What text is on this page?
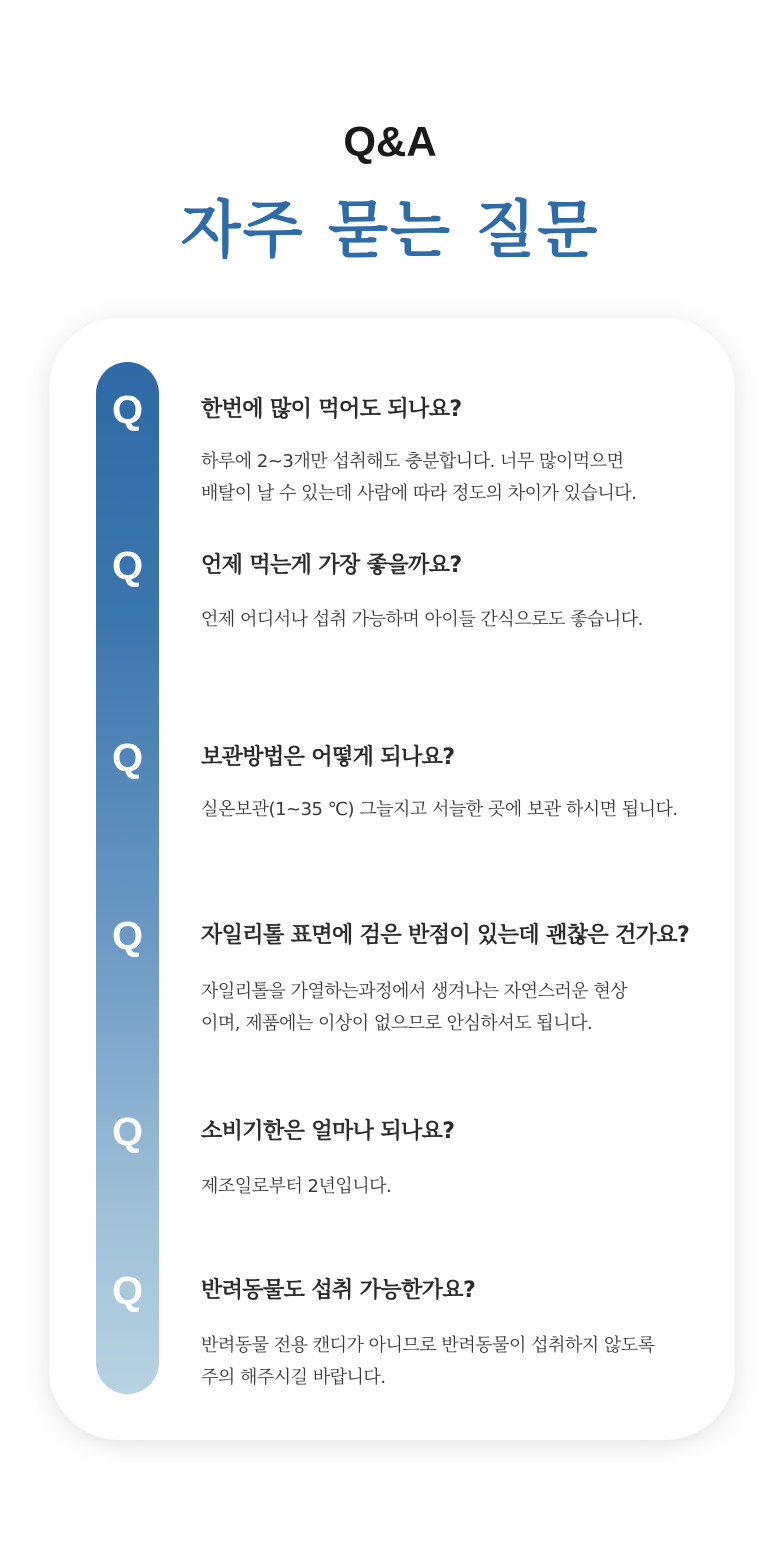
Q&A
자주 묻는 질문
Q	한번에 많이 먹어도 되나요?
하루에 2~3개만 섭취해도 충분합니다. 너무 많이먹으면
배탈이 날 수 있는데 사람에 따라 정도의 차이가 있습니다.
Q	언제 먹는게 가장 좋을까요?
언제 어디서나 섭취 가능하며 아이들 간식으로도 좋습니다.
Q	보관방법은 어떻게 되나요?
실온보관(1~35 ℃) 그늘지고 서늘한 곳에 보관 하시면 됩니다.
Q	자일리톨 표면에 검은 반점이 있는데 괜찮은 건가요?
자일리톨을 가열하는과정에서 생겨나는 자연스러운 현상
이며, 제품에는 이상이 없으므로 안심하셔도 됩니다.
Q	소비기한은 얼마나 되나요?
제조일로부터 2년입니다.
Q	반려동물도 섭취 가능한가요?
반려동물 전용 캔디가 아니므로 반려동물이 섭취하지 않도록
주의 해주시길 바랍니다.
